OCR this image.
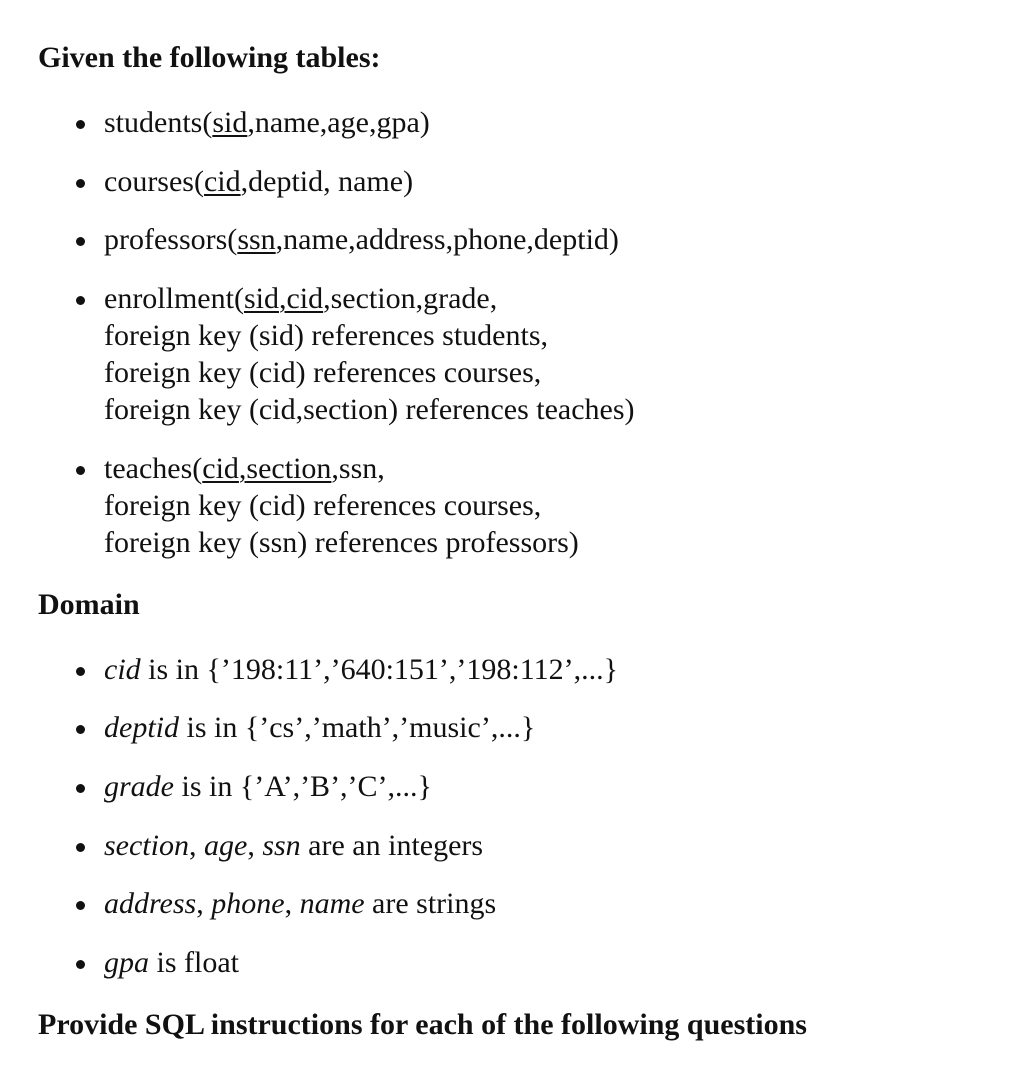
Given the following tables:
students(sid,name,age,gpa)
courses(cid,deptid, name)
professors(ssn,name,address,phone,deptid)
enrollment(sid,cid,section,grade,
foreign key (sid) references students,
foreign key (cid) references courses,
foreign key (cid,section) references teaches)
teaches(cid,section,ssn,
foreign key (cid) references courses,
foreign key (ssn) references professors)
Domain
cid is in {’198:11’,’640:151’,’198:112’,...}
deptid is in {’cs’,’math’,’music’,...}
grade is in {’A’,’B’,’C’,...}
section, age, ssn are an integers
address, phone, name are strings
gpa is float
Provide SQL instructions for each of the following questions
